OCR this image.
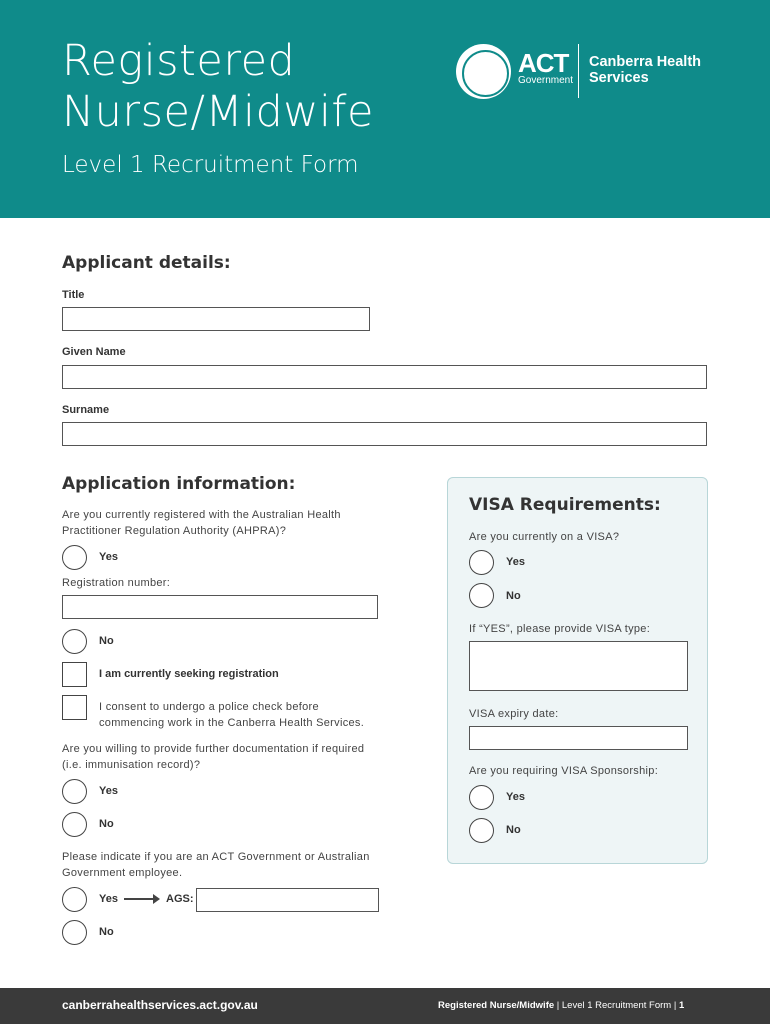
Registered
Nurse/Midwife
Level 1 Recruitment Form
ACT
Government
Canberra Health
Services
Applicant details:
Title
Given Name
Surname
Application information:
Are you currently registered with the Australian Health
Practitioner Regulation Authority (AHPRA)?
Yes
Registration number:
No
I am currently seeking registration
I consent to undergo a police check before
commencing work in the Canberra Health Services.
Are you willing to provide further documentation if required
(i.e. immunisation record)?
Yes
No
Please indicate if you are an ACT Government or Australian
Government employee.
Yes	AGS:
No
VISA Requirements:
Are you currently on a VISA?
Yes
No
If “YES”, please provide VISA type:
VISA expiry date:
Are you requiring VISA Sponsorship:
Yes
No
canberrahealthservices.act.gov.au	Registered Nurse/Midwife | Level 1 Recruitment Form | 1
